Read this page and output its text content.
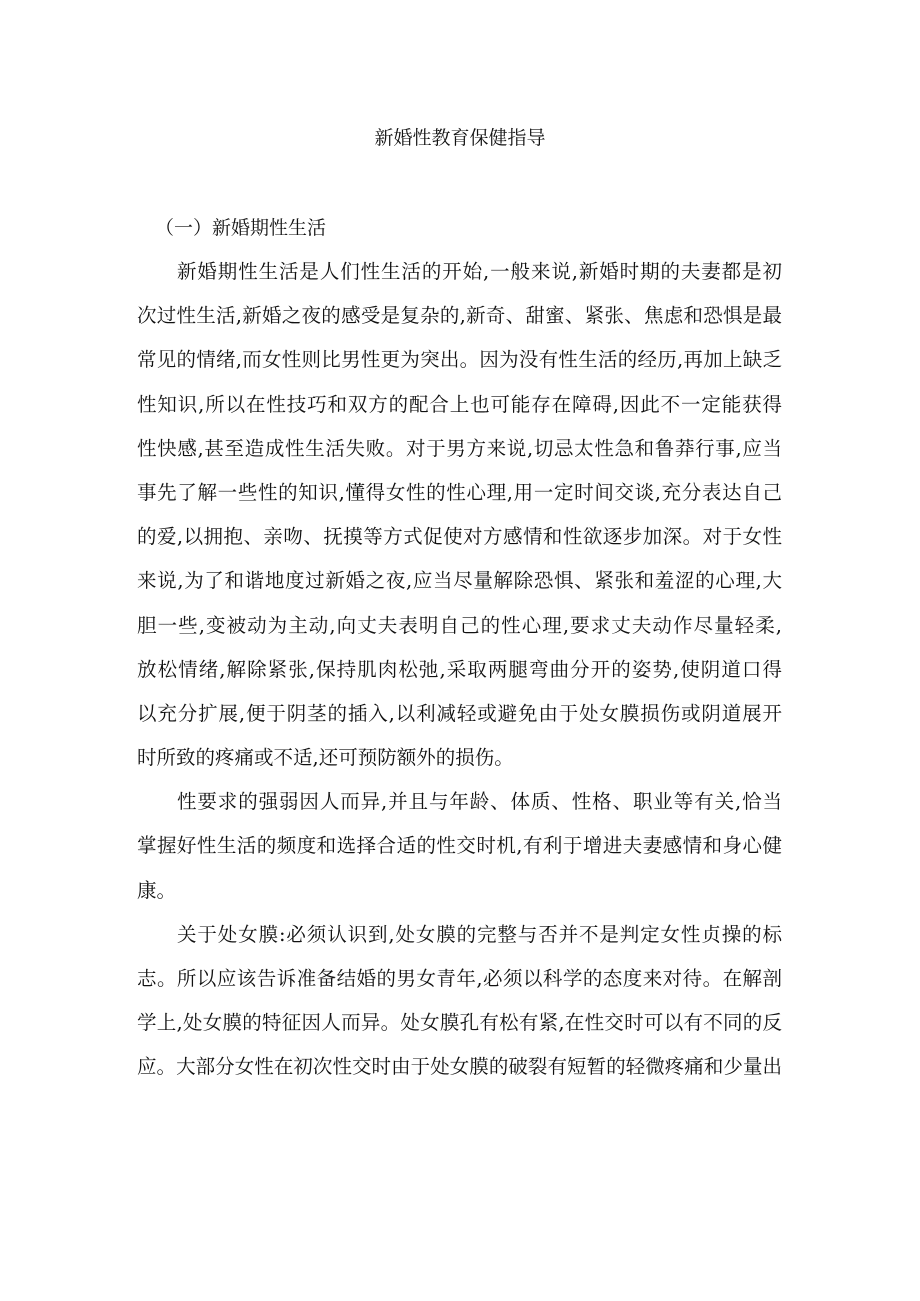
新婚性教育保健指导
（一）新婚期性生活
新婚期性生活是人们性生活的开始,一般来说,新婚时期的夫妻都是初
次过性生活,新婚之夜的感受是复杂的,新奇、甜蜜、紧张、焦虑和恐惧是最
常见的情绪,而女性则比男性更为突出。因为没有性生活的经历,再加上缺乏
性知识,所以在性技巧和双方的配合上也可能存在障碍,因此不一定能获得
性快感,甚至造成性生活失败。对于男方来说,切忌太性急和鲁莽行事,应当
事先了解一些性的知识,懂得女性的性心理,用一定时间交谈,充分表达自己
的爱,以拥抱、亲吻、抚摸等方式促使对方感情和性欲逐步加深。对于女性
来说,为了和谐地度过新婚之夜,应当尽量解除恐惧、紧张和羞涩的心理,大
胆一些,变被动为主动,向丈夫表明自己的性心理,要求丈夫动作尽量轻柔,
放松情绪,解除紧张,保持肌肉松弛,采取两腿弯曲分开的姿势,使阴道口得
以充分扩展,便于阴茎的插入,以利减轻或避免由于处女膜损伤或阴道展开
时所致的疼痛或不适,还可预防额外的损伤。
性要求的强弱因人而异,并且与年龄、体质、性格、职业等有关,恰当
掌握好性生活的频度和选择合适的性交时机,有利于增进夫妻感情和身心健
康。
关于处女膜:必须认识到,处女膜的完整与否并不是判定女性贞操的标
志。所以应该告诉准备结婚的男女青年,必须以科学的态度来对待。在解剖
学上,处女膜的特征因人而异。处女膜孔有松有紧,在性交时可以有不同的反
应。大部分女性在初次性交时由于处女膜的破裂有短暂的轻微疼痛和少量出
